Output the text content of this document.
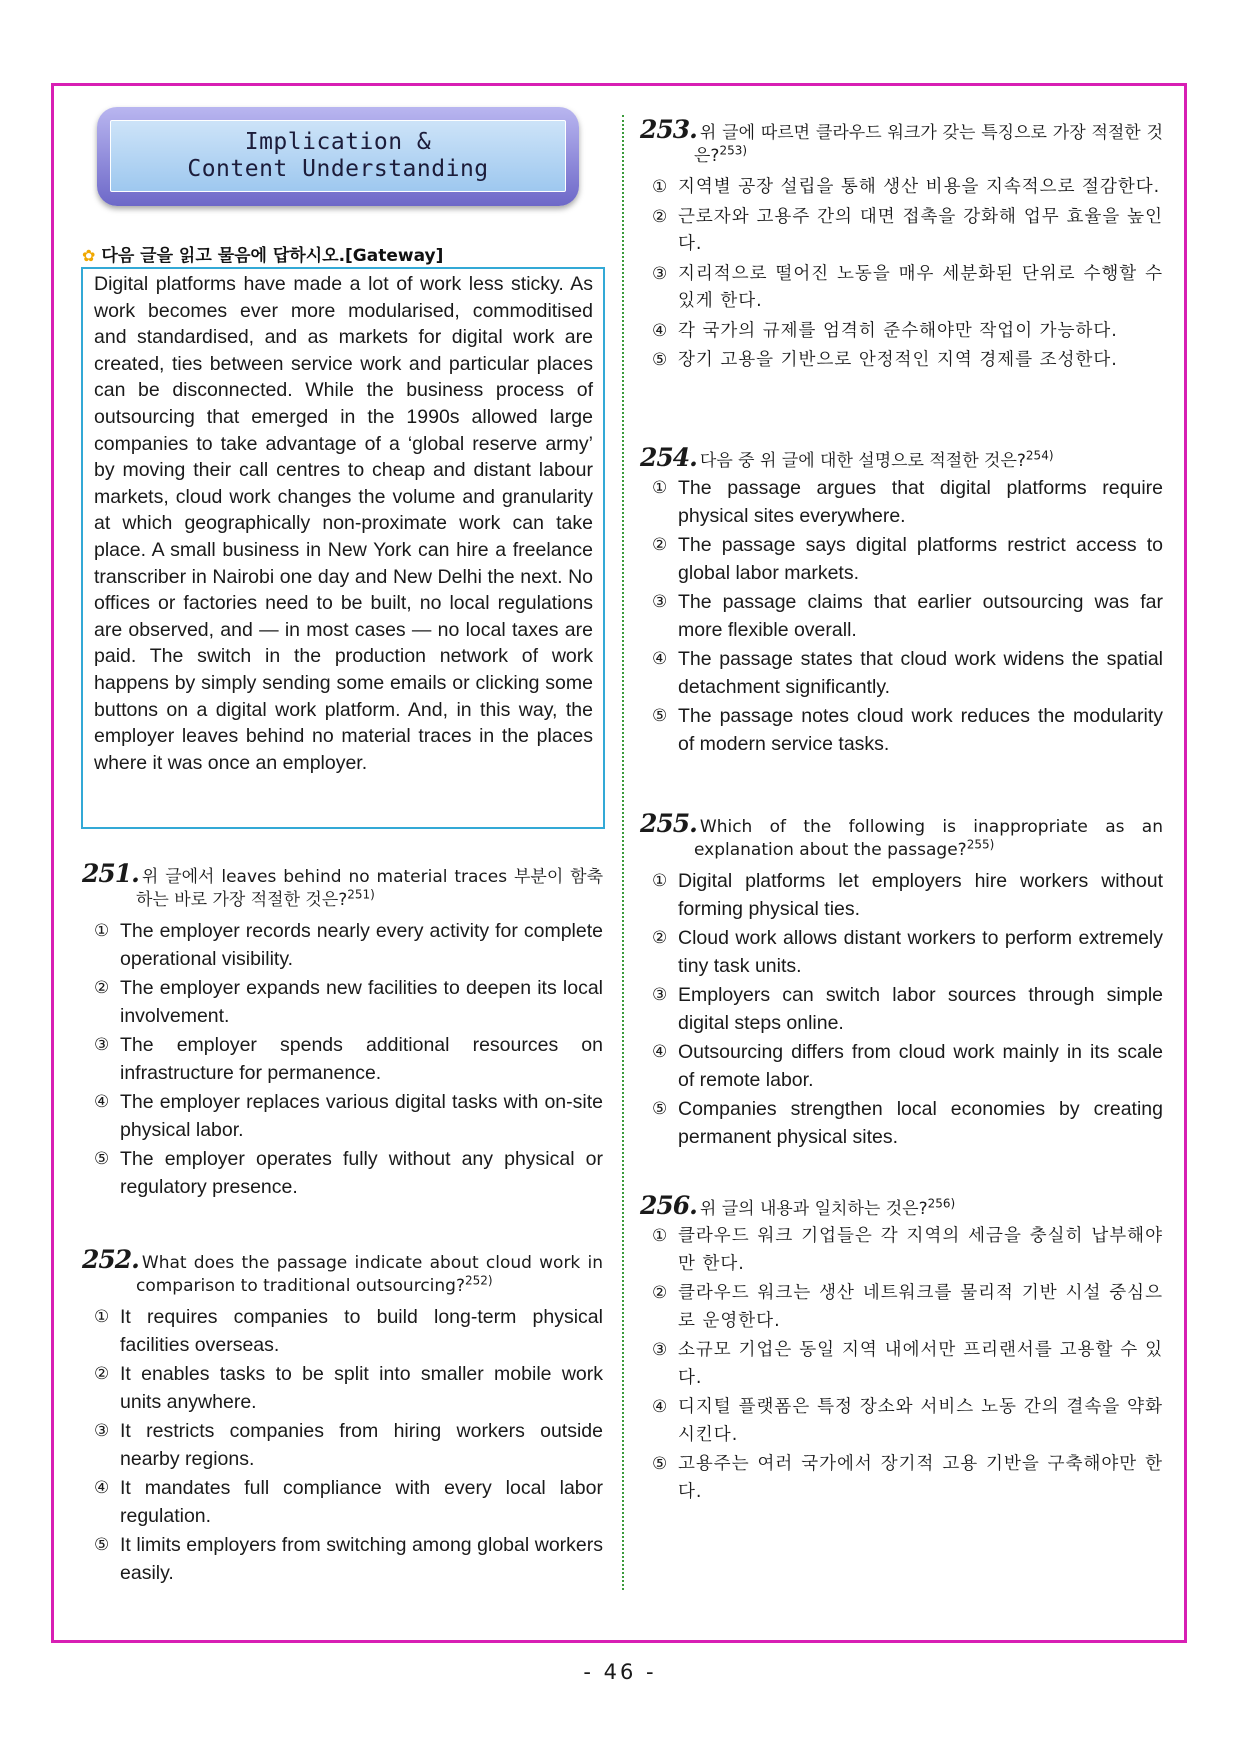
Implication &
Content Understanding
✿ 다음 글을 읽고 물음에 답하시오.[Gateway]
Digital platforms have made a lot of work less sticky. As work becomes ever more modularised, commoditised and standardised, and as markets for digital work are created, ties between service work and particular places can be disconnected. While the business process of outsourcing that emerged in the 1990s allowed large companies to take advantage of a ‘global reserve army’ by moving their call centres to cheap and distant labour markets, cloud work changes the volume and granularity at which geographically non-proximate work can take place. A small business in New York can hire a freelance transcriber in Nairobi one day and New Delhi the next. No offices or factories need to be built, no local regulations are observed, and — in most cases — no local taxes are paid. The switch in the production network of work happens by simply sending some emails or clicking some buttons on a digital work platform. And, in this way, the employer leaves behind no material traces in the places where it was once an employer.
251. 위 글에서 leaves behind no material traces 부분이 함축하는 바로 가장 적절한 것은?$^{251)}$
① The employer records nearly every activity for complete operational visibility.
② The employer expands new facilities to deepen its local involvement.
③ The employer spends additional resources on infrastructure for permanence.
④ The employer replaces various digital tasks with on-site physical labor.
⑤ The employer operates fully without any physical or regulatory presence.
252. What does the passage indicate about cloud work in comparison to traditional outsourcing?$^{252)}$
① It requires companies to build long-term physical facilities overseas.
② It enables tasks to be split into smaller mobile work units anywhere.
③ It restricts companies from hiring workers outside nearby regions.
④ It mandates full compliance with every local labor regulation.
⑤ It limits employers from switching among global workers easily.
253. 위 글에 따르면 클라우드 워크가 갖는 특징으로 가장 적절한 것은?$^{253)}$
① 지역별 공장 설립을 통해 생산 비용을 지속적으로 절감한다.
② 근로자와 고용주 간의 대면 접촉을 강화해 업무 효율을 높인다.
③ 지리적으로 떨어진 노동을 매우 세분화된 단위로 수행할 수 있게 한다.
④ 각 국가의 규제를 엄격히 준수해야만 작업이 가능하다.
⑤ 장기 고용을 기반으로 안정적인 지역 경제를 조성한다.
254. 다음 중 위 글에 대한 설명으로 적절한 것은?$^{254)}$
① The passage argues that digital platforms require physical sites everywhere.
② The passage says digital platforms restrict access to global labor markets.
③ The passage claims that earlier outsourcing was far more flexible overall.
④ The passage states that cloud work widens the spatial detachment significantly.
⑤ The passage notes cloud work reduces the modularity of modern service tasks.
255. Which of the following is inappropriate as an explanation about the passage?$^{255)}$
① Digital platforms let employers hire workers without forming physical ties.
② Cloud work allows distant workers to perform extremely tiny task units.
③ Employers can switch labor sources through simple digital steps online.
④ Outsourcing differs from cloud work mainly in its scale of remote labor.
⑤ Companies strengthen local economies by creating permanent physical sites.
256. 위 글의 내용과 일치하는 것은?$^{256)}$
① 클라우드 워크 기업들은 각 지역의 세금을 충실히 납부해야만 한다.
② 클라우드 워크는 생산 네트워크를 물리적 기반 시설 중심으로 운영한다.
③ 소규모 기업은 동일 지역 내에서만 프리랜서를 고용할 수 있다.
④ 디지털 플랫폼은 특정 장소와 서비스 노동 간의 결속을 약화시킨다.
⑤ 고용주는 여러 국가에서 장기적 고용 기반을 구축해야만 한다.
- 46 -
